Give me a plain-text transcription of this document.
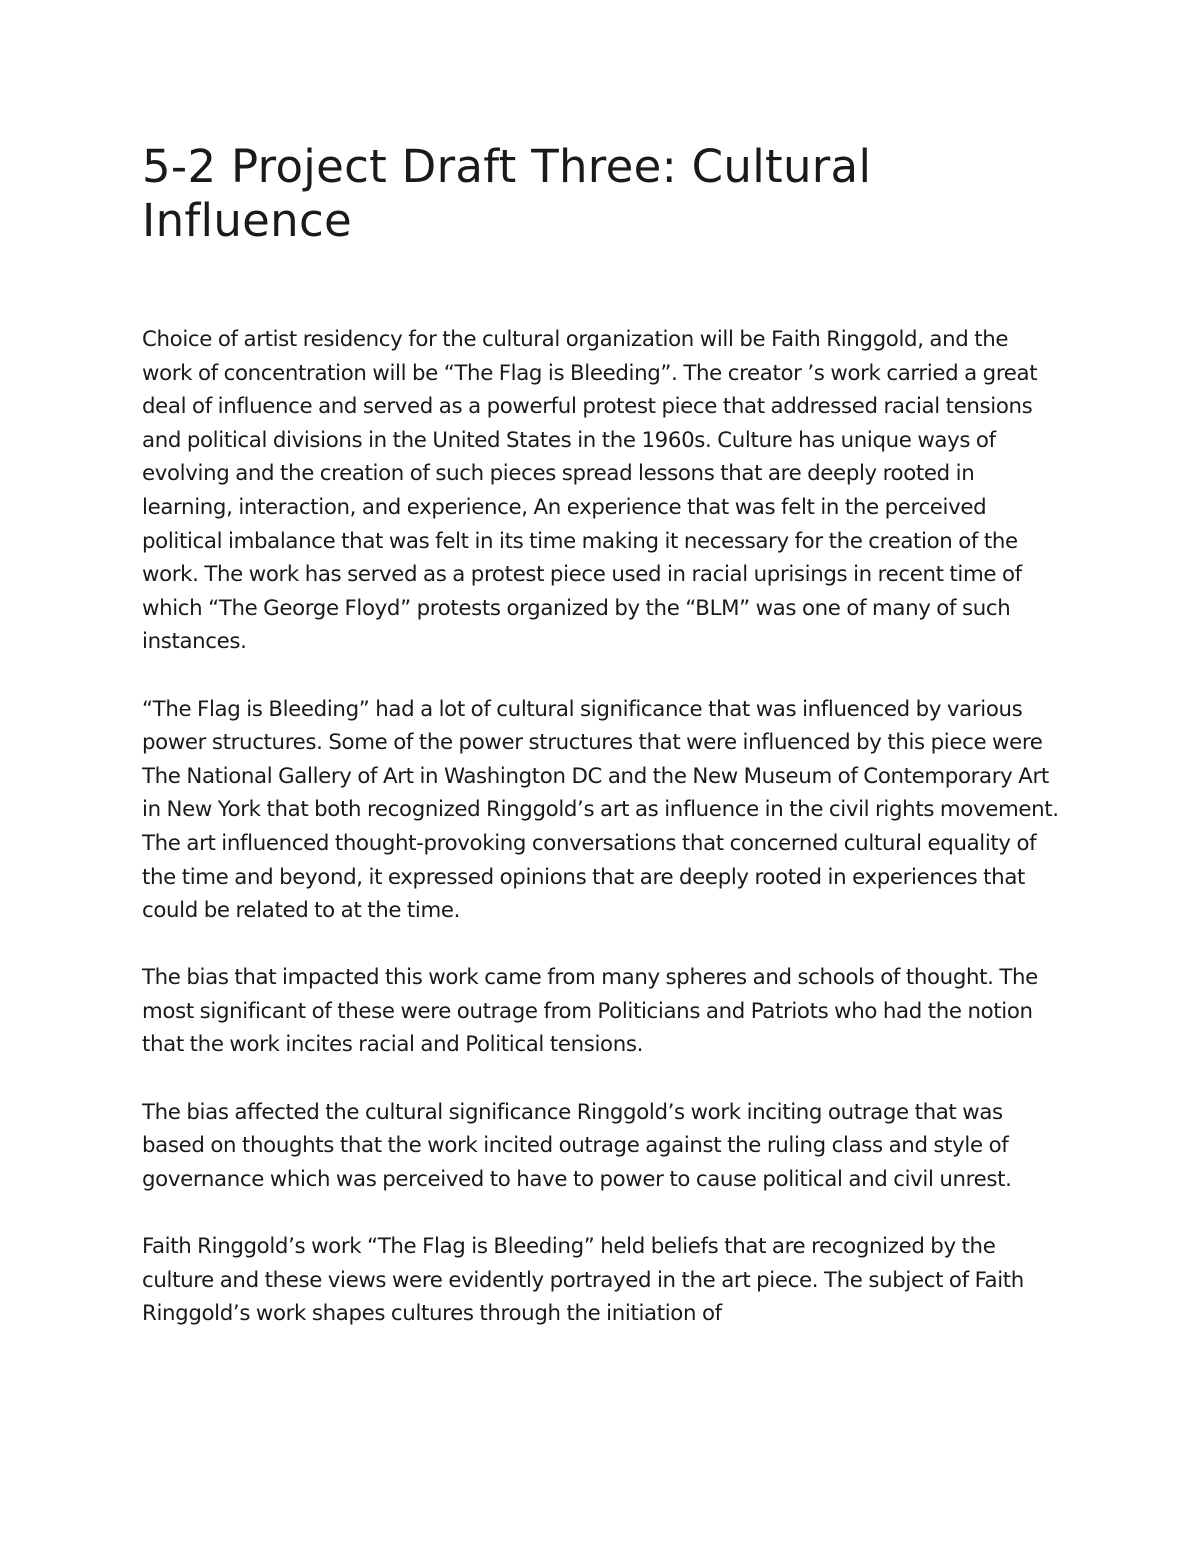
5-2 Project Draft Three: Cultural Influence

Choice of artist residency for the cultural organization will be Faith Ringgold, and the work of concentration will be “The Flag is Bleeding”. The creator ’s work carried a great deal of influence and served as a powerful protest piece that addressed racial tensions and political divisions in the United States in the 1960s. Culture has unique ways of evolving and the creation of such pieces spread lessons that are deeply rooted in learning, interaction, and experience, An experience that was felt in the perceived political imbalance that was felt in its time making it necessary for the creation of the work. The work has served as a protest piece used in racial uprisings in recent time of which “The George Floyd” protests organized by the “BLM” was one of many of such instances.

“The Flag is Bleeding” had a lot of cultural significance that was influenced by various power structures. Some of the power structures that were influenced by this piece were The National Gallery of Art in Washington DC and the New Museum of Contemporary Art in New York that both recognized Ringgold’s art as influence in the civil rights movement. The art influenced thought-provoking conversations that concerned cultural equality of the time and beyond, it expressed opinions that are deeply rooted in experiences that could be related to at the time.

The bias that impacted this work came from many spheres and schools of thought. The most significant of these were outrage from Politicians and Patriots who had the notion that the work incites racial and Political tensions.

The bias affected the cultural significance Ringgold’s work inciting outrage that was based on thoughts that the work incited outrage against the ruling class and style of governance which was perceived to have to power to cause political and civil unrest.

Faith Ringgold’s work “The Flag is Bleeding” held beliefs that are recognized by the culture and these views were evidently portrayed in the art piece. The subject of Faith Ringgold’s work shapes cultures through the initiation of
